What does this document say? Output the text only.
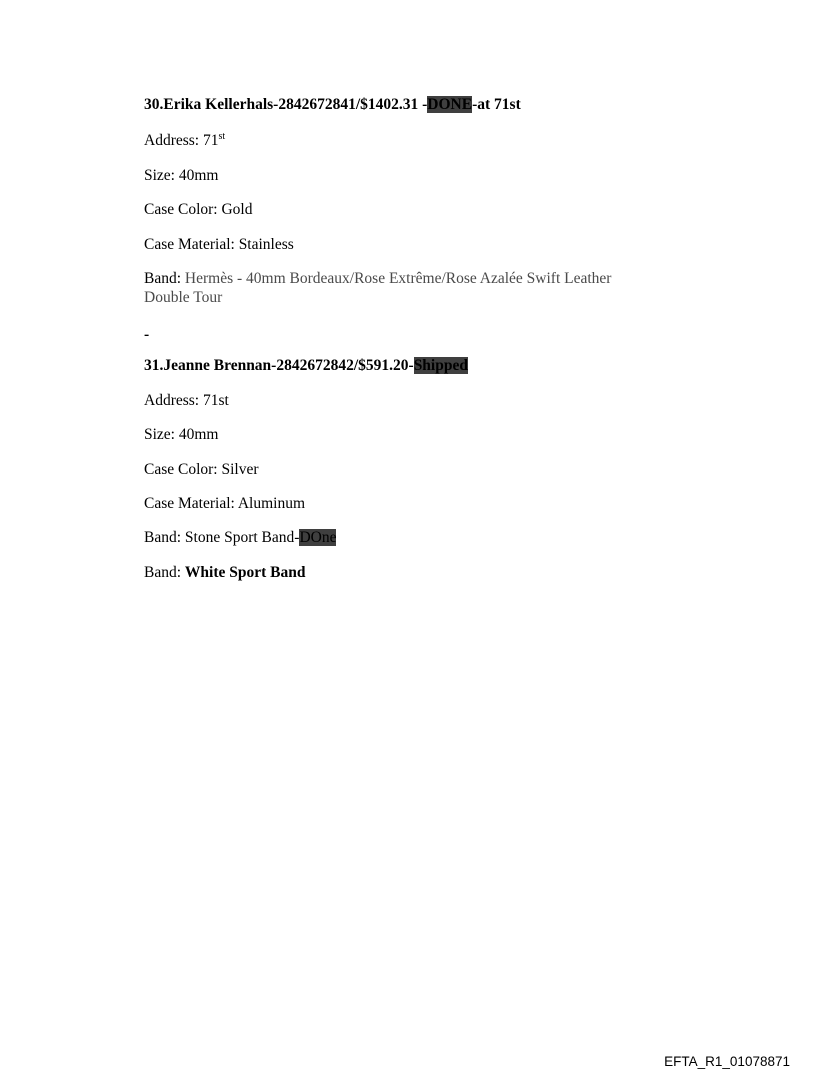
30.Erika Kellerhals-2842672841/$1402.31 -DONE-at 71st
Address: 71st
Size: 40mm
Case Color: Gold
Case Material: Stainless
Band: Hermès - 40mm Bordeaux/Rose Extrême/Rose Azalée Swift Leather
Double Tour
-
31.Jeanne Brennan-2842672842/$591.20-Shipped
Address: 71st
Size: 40mm
Case Color: Silver
Case Material: Aluminum
Band: Stone Sport Band-DOne
Band: White Sport Band
EFTA_R1_01078871
